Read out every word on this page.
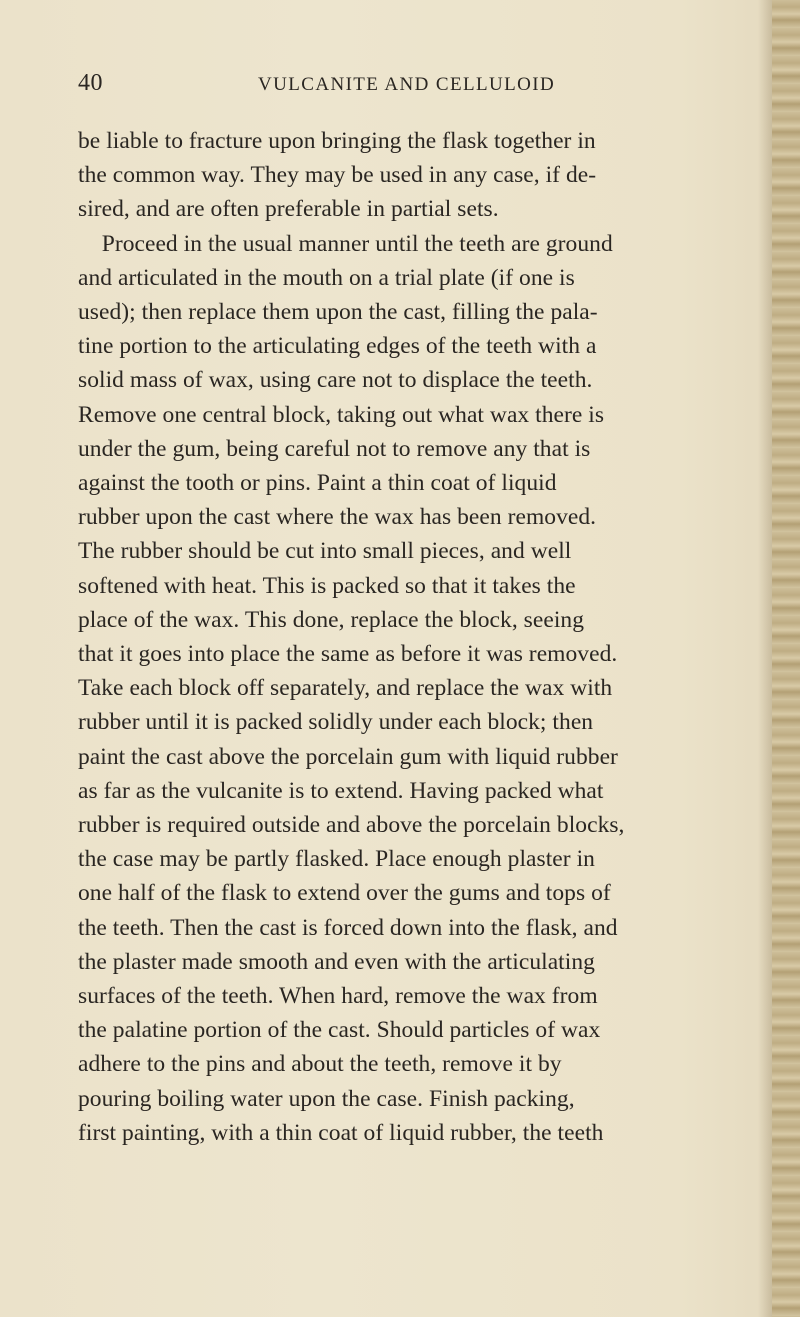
40	VULCANITE AND CELLULOID
be liable to fracture upon bringing the flask together in
the common way. They may be used in any case, if de-
sired, and are often preferable in partial sets.
Proceed in the usual manner until the teeth are ground
and articulated in the mouth on a trial plate (if one is
used); then replace them upon the cast, filling the pala-
tine portion to the articulating edges of the teeth with a
solid mass of wax, using care not to displace the teeth.
Remove one central block, taking out what wax there is
under the gum, being careful not to remove any that is
against the tooth or pins. Paint a thin coat of liquid
rubber upon the cast where the wax has been removed.
The rubber should be cut into small pieces, and well
softened with heat. This is packed so that it takes the
place of the wax. This done, replace the block, seeing
that it goes into place the same as before it was removed.
Take each block off separately, and replace the wax with
rubber until it is packed solidly under each block; then
paint the cast above the porcelain gum with liquid rubber
as far as the vulcanite is to extend. Having packed what
rubber is required outside and above the porcelain blocks,
the case may be partly flasked. Place enough plaster in
one half of the flask to extend over the gums and tops of
the teeth. Then the cast is forced down into the flask, and
the plaster made smooth and even with the articulating
surfaces of the teeth. When hard, remove the wax from
the palatine portion of the cast. Should particles of wax
adhere to the pins and about the teeth, remove it by
pouring boiling water upon the case. Finish packing,
first painting, with a thin coat of liquid rubber, the teeth
